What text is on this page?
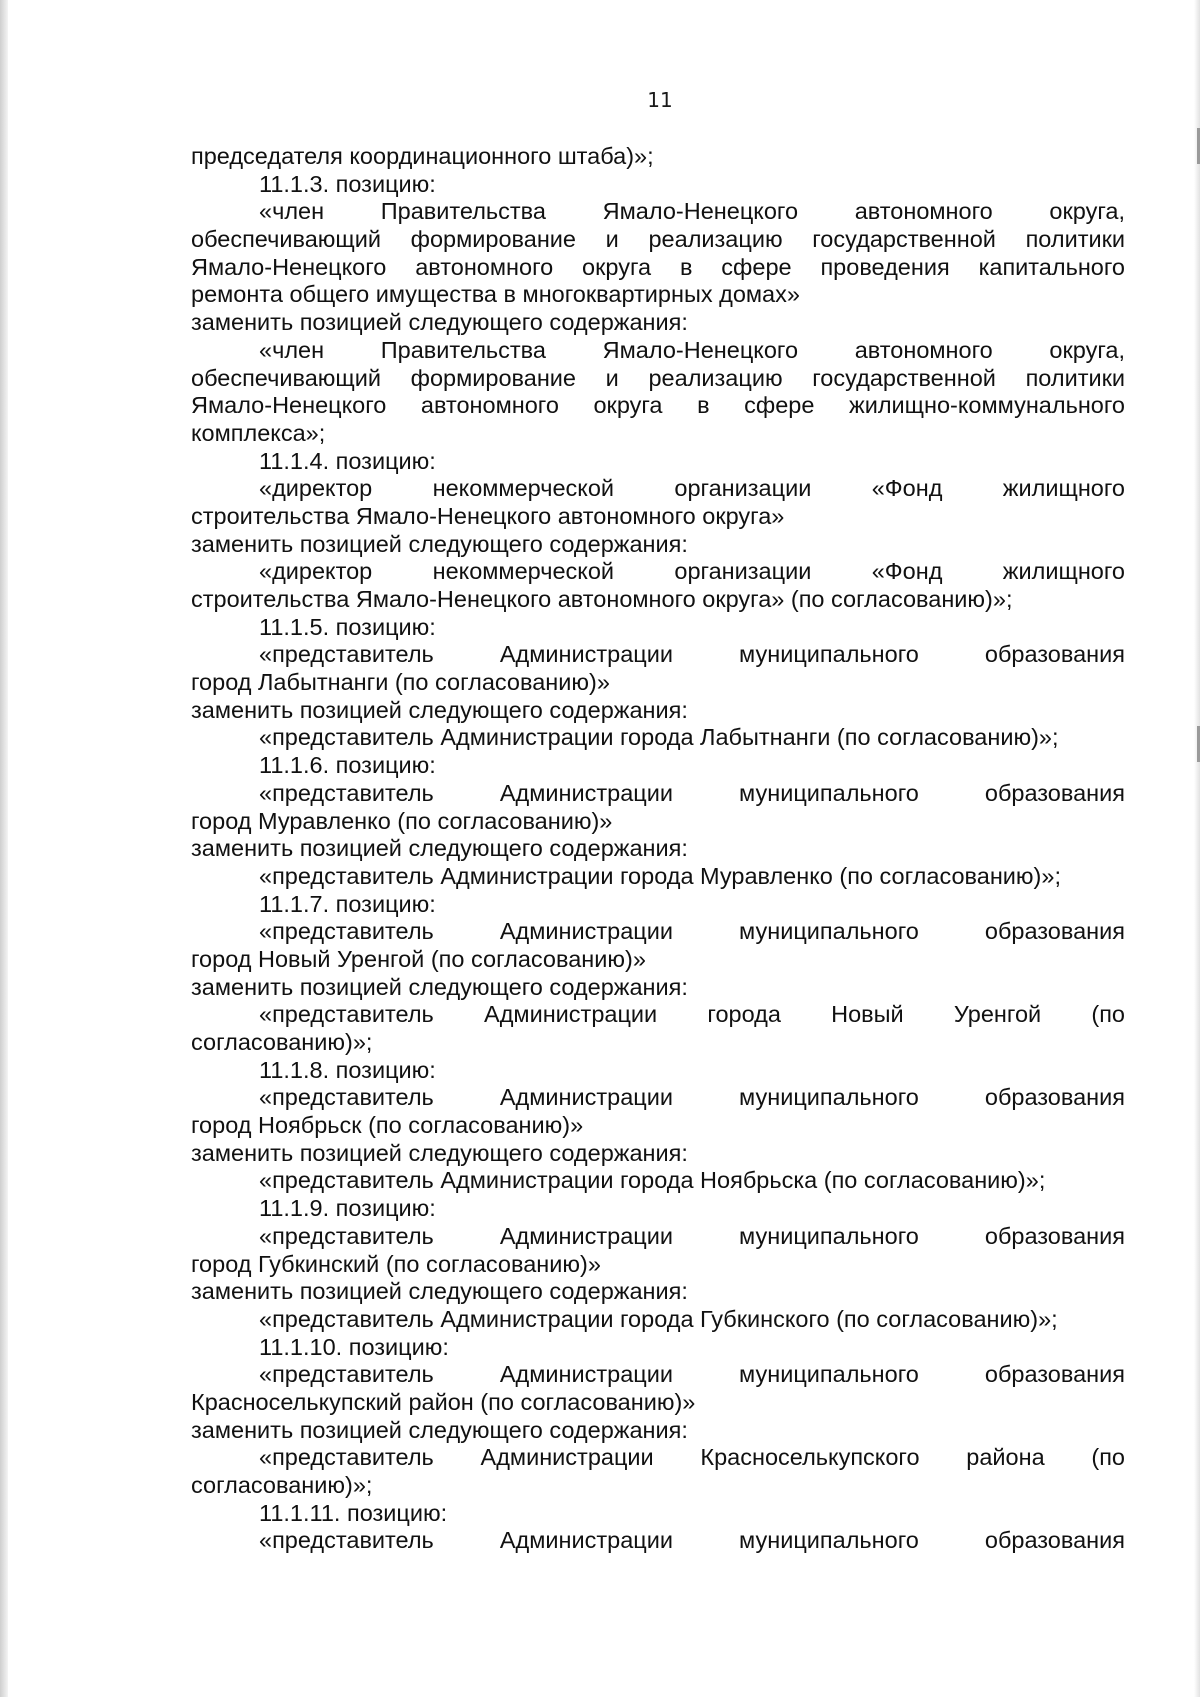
11
председателя координационного штаба)»;
11.1.3. позицию:
«член Правительства Ямало-Ненецкого автономного округа,
обеспечивающий формирование и реализацию государственной политики
Ямало-Ненецкого автономного округа в сфере проведения капитального
ремонта общего имущества в многоквартирных домах»
заменить позицией следующего содержания:
«член Правительства Ямало-Ненецкого автономного округа,
обеспечивающий формирование и реализацию государственной политики
Ямало-Ненецкого автономного округа в сфере жилищно-коммунального
комплекса»;
11.1.4. позицию:
«директор некоммерческой организации «Фонд жилищного
строительства Ямало-Ненецкого автономного округа»
заменить позицией следующего содержания:
«директор некоммерческой организации «Фонд жилищного
строительства Ямало-Ненецкого автономного округа» (по согласованию)»;
11.1.5. позицию:
«представитель Администрации муниципального образования
город Лабытнанги (по согласованию)»
заменить позицией следующего содержания:
«представитель Администрации города Лабытнанги (по согласованию)»;
11.1.6. позицию:
«представитель Администрации муниципального образования
город Муравленко (по согласованию)»
заменить позицией следующего содержания:
«представитель Администрации города Муравленко (по согласованию)»;
11.1.7. позицию:
«представитель Администрации муниципального образования
город Новый Уренгой (по согласованию)»
заменить позицией следующего содержания:
«представитель Администрации города Новый Уренгой (по
согласованию)»;
11.1.8. позицию:
«представитель Администрации муниципального образования
город Ноябрьск (по согласованию)»
заменить позицией следующего содержания:
«представитель Администрации города Ноябрьска (по согласованию)»;
11.1.9. позицию:
«представитель Администрации муниципального образования
город Губкинский (по согласованию)»
заменить позицией следующего содержания:
«представитель Администрации города Губкинского (по согласованию)»;
11.1.10. позицию:
«представитель Администрации муниципального образования
Красноселькупский район (по согласованию)»
заменить позицией следующего содержания:
«представитель Администрации Красноселькупского района (по
согласованию)»;
11.1.11. позицию:
«представитель Администрации муниципального образования
